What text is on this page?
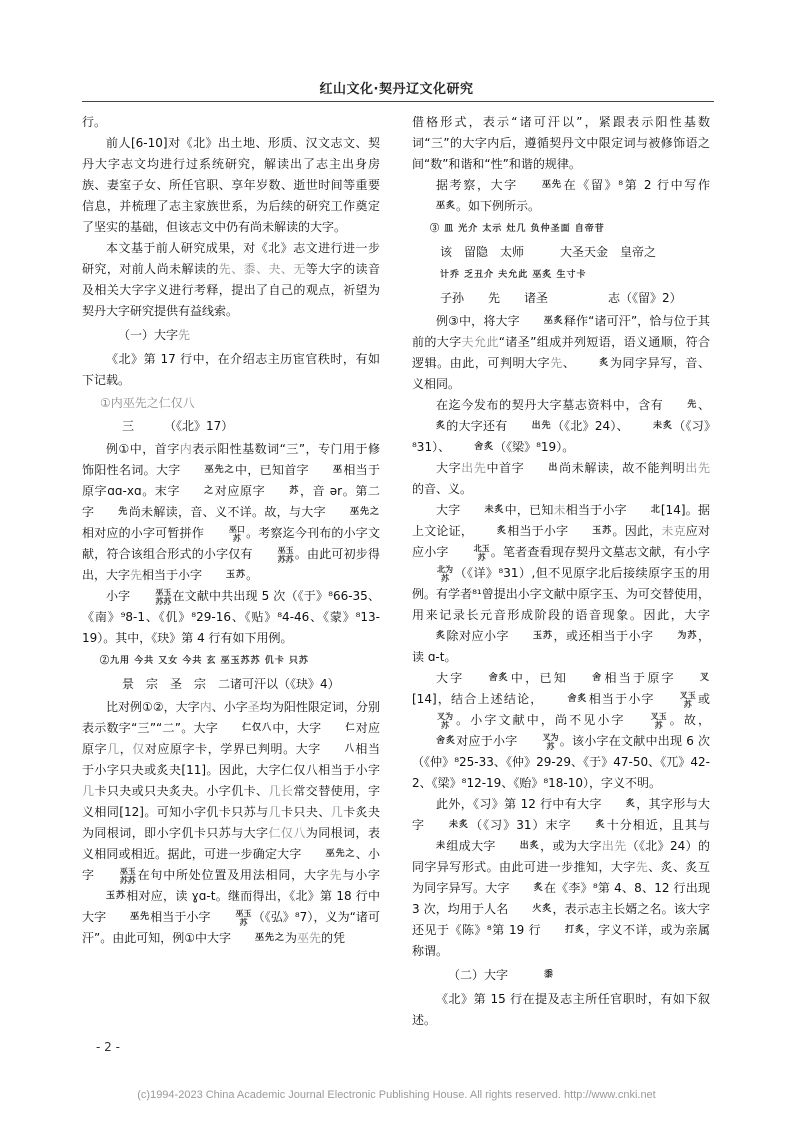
红山文化·契丹辽文化研究

行。

前人[6-10]对《北》出土地、形质、汉文志文、契丹大字志文均进行过系统研究，解读出了志主出身房族、妻室子女、所任官职、享年岁数、逝世时间等重要信息，并梳理了志主家族世系，为后续的研究工作奠定了坚实的基础，但该志文中仍有尚未解读的大字。

本文基于前人研究成果，对《北》志文进行进一步研究，对前人尚未解读的先、黍、夬、无等大字的读音及相关大字字义进行考释，提出了自己的观点，祈望为契丹大字研究提供有益线索。

（一）大字先

《北》第 17 行中，在介绍志主历宦官秩时，有如下记载。

①内巫先之仁仅八

三　　　（《北》17）

例①中，首字内表示阳性基数词“三”，专门用于修饰阳性名词。大字	巫先之中，已知首字	巫相当于原字ɑɑ-xɑ。末字	之对应原字	苏，音 ər。第二字	先尚未解读，音、义不详。故，与大字	巫先之相对应的小字可暂拼作	巫口
苏 。考察迄今刊布的小字文献，符合该组合形式的小字仅有	巫玉
苏苏 。由此可初步得出，大字先相当于小字	玉苏。

小字	巫玉
苏苏 在文献中共出现 5 次（《于》⁸66-35、《南》⁹8-1、《仉》⁸29-16、《贴》⁸4-46、《蒙》⁸13-19）。其中，《玦》第 4 行有如下用例。

②九用 今共 又女 今共 玄 巫玉苏苏 仉卡 只苏

景　宗　圣　宗　二诸可汗以（《玦》4）

比对例①②，大字内、小字圣均为阳性限定词，分别表示数字“三”“二”。大字	仁仅八中，大字	仁对应原字几，仅对应原字卡，学界已判明。大字	八相当于小字只夬或炙夬[11]。因此，大字仁仅八相当于小字几卡只夬或只夬炙夬。小字仉卡、几长常交替使用，字义相同[12]。可知小字仉卡只苏与几卡只夬、几卡炙夬为同根词，即小字仉卡只苏与大字仁仅八为同根词，表义相同或相近。据此，可进一步确定大字	巫先之、小字	巫玉
苏苏 在句中所处位置及用法相同，大字先与小字玉苏相对应，读 ɣɑ-t。继而得出，《北》第 18 行中大字	巫先相当于小字	巫玉
苏 （《弘》⁸7），义为“诸可汗”。由此可知，例①中大字	巫先之为巫先的凭

借格形式，表示“诸可汗以”，紧跟表示阳性基数词“三”的大字内后，遵循契丹文中限定词与被修饰语之间“数”和谐和“性”和谐的规律。

据考察，大字	巫先在《留》⁸第 2 行中写作巫炙。如下例所示。

③ 皿 光介 太示 灶几 负仲圣面 自帝苷

该　留隐　太师　　　大圣天金　皇帝之

计乔 乏丑介 夫允此 巫炙 生寸卡

子孙　　先　　诸圣　　　　　志（《留》2）

例③中，将大字	巫炙释作“诸可汗”，恰与位于其前的大字夫允此“诸圣”组成并列短语，语义通顺，符合逻辑。由此，可判明大字先、	炙为同字异写，音、义相同。

在迄今发布的契丹大字墓志资料中，含有	先、炙的大字还有	出先（《北》24）、	未炙（《习》⁸31）、	舍炙（《梁》⁸19）。

大字出先中首字	出尚未解读，故不能判明出先的音、义。

大字	未炙中，已知未相当于小字	北[14]。据上文论证，	炙相当于小字	玉苏。因此，未克应对应小字	北玉
苏 。笔者查看现存契丹文墓志文献，有小字
北为
苏 （《详》⁸31）,但不见原字北后接续原字玉的用例。有学者⁸¹曾提出小字文献中原字玉、为可交替使用，用来记录长元音形成阶段的语音现象。因此，大字炙除对应小字	玉苏，或还相当于小字	为苏，读 ɑ-t。

大字	舍炙中，已知	舍相当于原字	叉[14]，结合上述结论，	舍炙相当于小字	叉玉
苏 或
叉为
苏 。小字文献中，尚不见小字	叉玉
苏 。故，舍炙对应于小字	叉为
苏 。该小字在文献中出现 6 次（《仲》⁸25-33、《仲》29-29、《于》47-50、《兀》42-2、《梁》⁸12-19、《贻》⁸18-10），字义不明。

此外，《习》第 12 行中有大字	炙，其字形与大字	未炙（《习》31）末字	炙十分相近，且其与未组成大字	出炙，或为大字出先（《北》24）的同字异写形式。由此可进一步推知，大字先、炙、炙互为同字异写。大字	炙在《李》⁸第 4、8、12 行出现 3 次，均用于人名	火炙，表示志主长婿之名。该大字还见于《陈》⁸第 19 行	打炙，字义不详，或为亲属称谓。

（二）大字	黍

《北》第 15 行在提及志主所任官职时，有如下叙述。

- 2 -
(c)1994-2023 China Academic Journal Electronic Publishing House. All rights reserved. http://www.cnki.net
